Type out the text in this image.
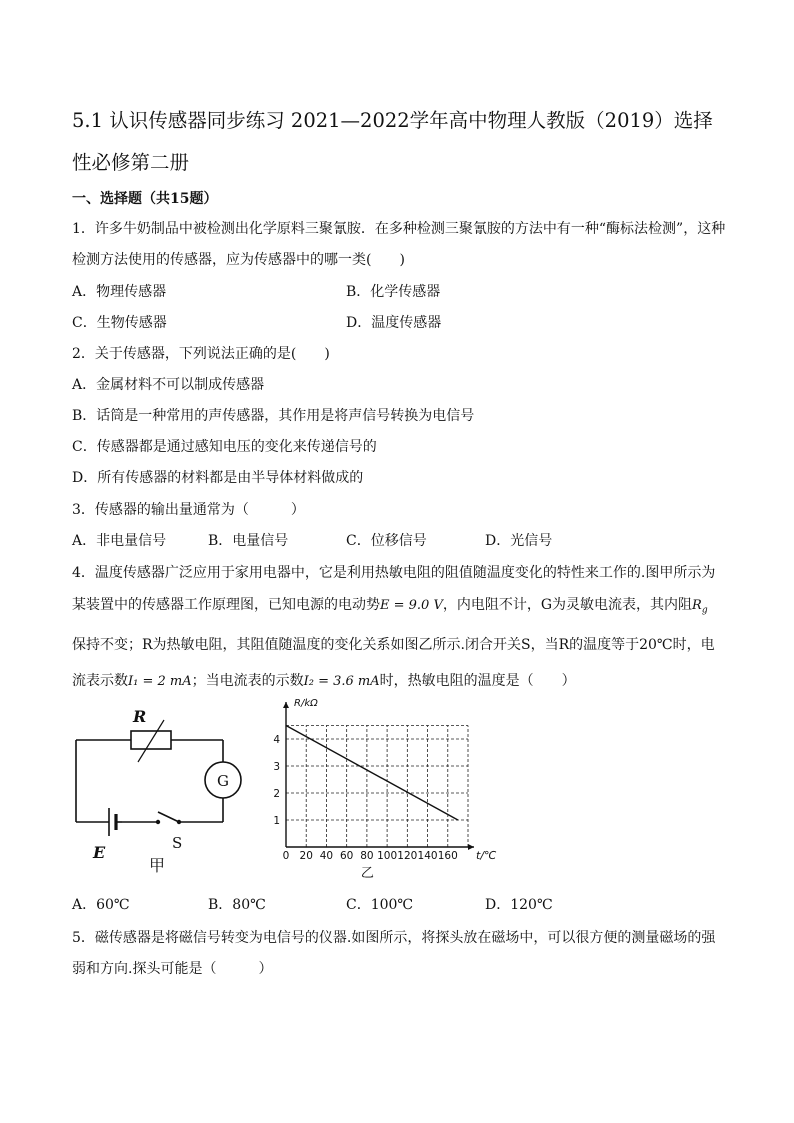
5.1 认识传感器同步练习 2021—2022学年高中物理人教版（2019）选择性必修第二册
一、选择题（共15题）
1．许多牛奶制品中被检测出化学原料三聚氰胺．在多种检测三聚氰胺的方法中有一种“酶标法检测”，这种
检测方法使用的传感器，应为传感器中的哪一类(　　)
A．物理传感器	B．化学传感器
C．生物传感器	D．温度传感器
2．关于传感器，下列说法正确的是(　　)
A．金属材料不可以制成传感器
B．话筒是一种常用的声传感器，其作用是将声信号转换为电信号
C．传感器都是通过感知电压的变化来传递信号的
D．所有传感器的材料都是由半导体材料做成的
3．传感器的输出量通常为（　　　）
A．非电量信号	B．电量信号	C．位移信号	D．光信号
4．温度传感器广泛应用于家用电器中，它是利用热敏电阻的阻值随温度变化的特性来工作的.图甲所示为
某装置中的传感器工作原理图，已知电源的电动势E = 9.0 V，内电阻不计，G为灵敏电流表，其内阻$R_g$
保持不变；R为热敏电阻，其阻值随温度的变化关系如图乙所示.闭合开关S，当R的温度等于20℃时，电
流表示数I₁ = 2 mA；当电流表的示数I₂ = 3.6 mA时，热敏电阻的温度是（　　）
R
G
E	S
甲	0 20 40 60 80 100 120 140 160
1
2
3
4
R/kΩ
t/℃
乙
A．60℃	B．80℃	C．100℃	D．120℃
5．磁传感器是将磁信号转变为电信号的仪器.如图所示，将探头放在磁场中，可以很方便的测量磁场的强
弱和方向.探头可能是（　　　）
